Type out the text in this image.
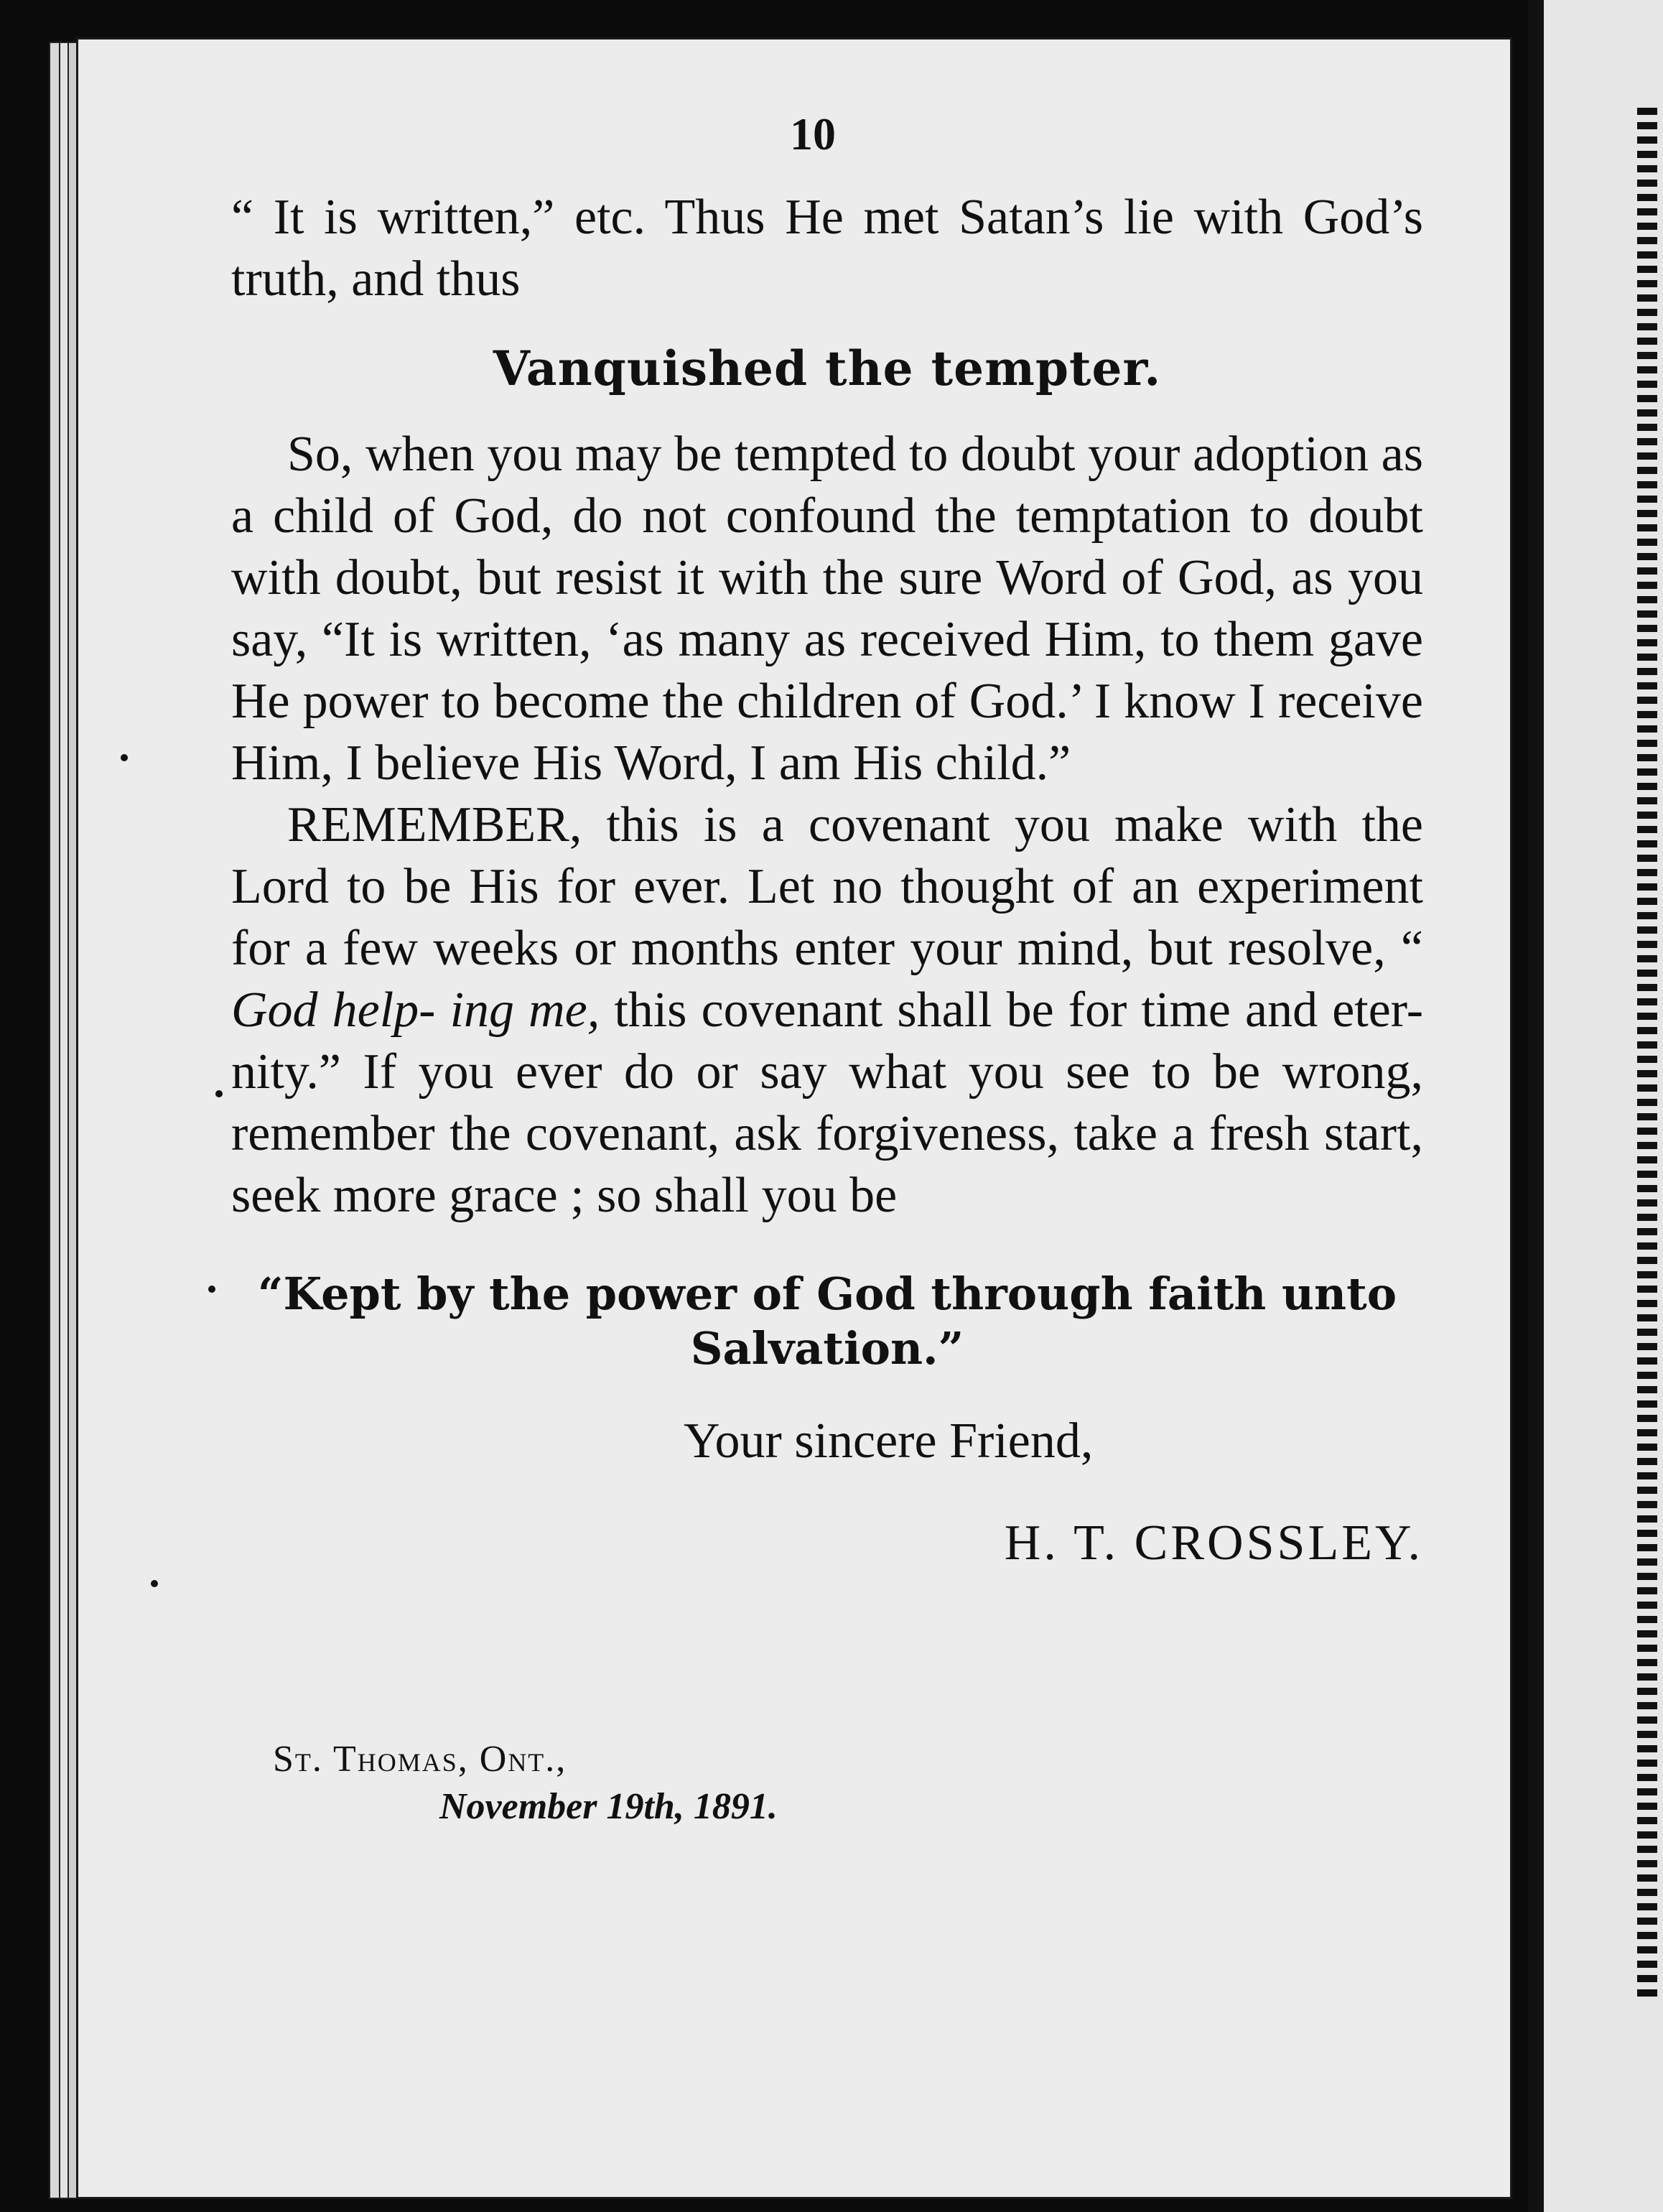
10

“ It is written,” etc. Thus He met Satan’s lie with God’s truth, and thus

Vanquished the tempter.

So, when you may be tempted to doubt your adoption as a child of God, do not confound the temptation to doubt with doubt, but resist it with the sure Word of God, as you say, “It is written, ‘as many as received Him, to them gave He power to become the children of God.’ I know I receive Him, I believe His Word, I am His child.”

REMEMBER, this is a covenant you make with the Lord to be His for ever. Let no thought of an experiment for a few weeks or months enter your mind, but resolve, “ God help- ing me, this covenant shall be for time and eter- nity.” If you ever do or say what you see to be wrong, remember the covenant, ask forgiveness, take a fresh start, seek more grace ; so shall you be

“Kept by the power of God through faith unto Salvation.”
Your sincere Friend,
H. T. CROSSLEY.
St. Thomas, Ont.,
November 19th, 1891.
